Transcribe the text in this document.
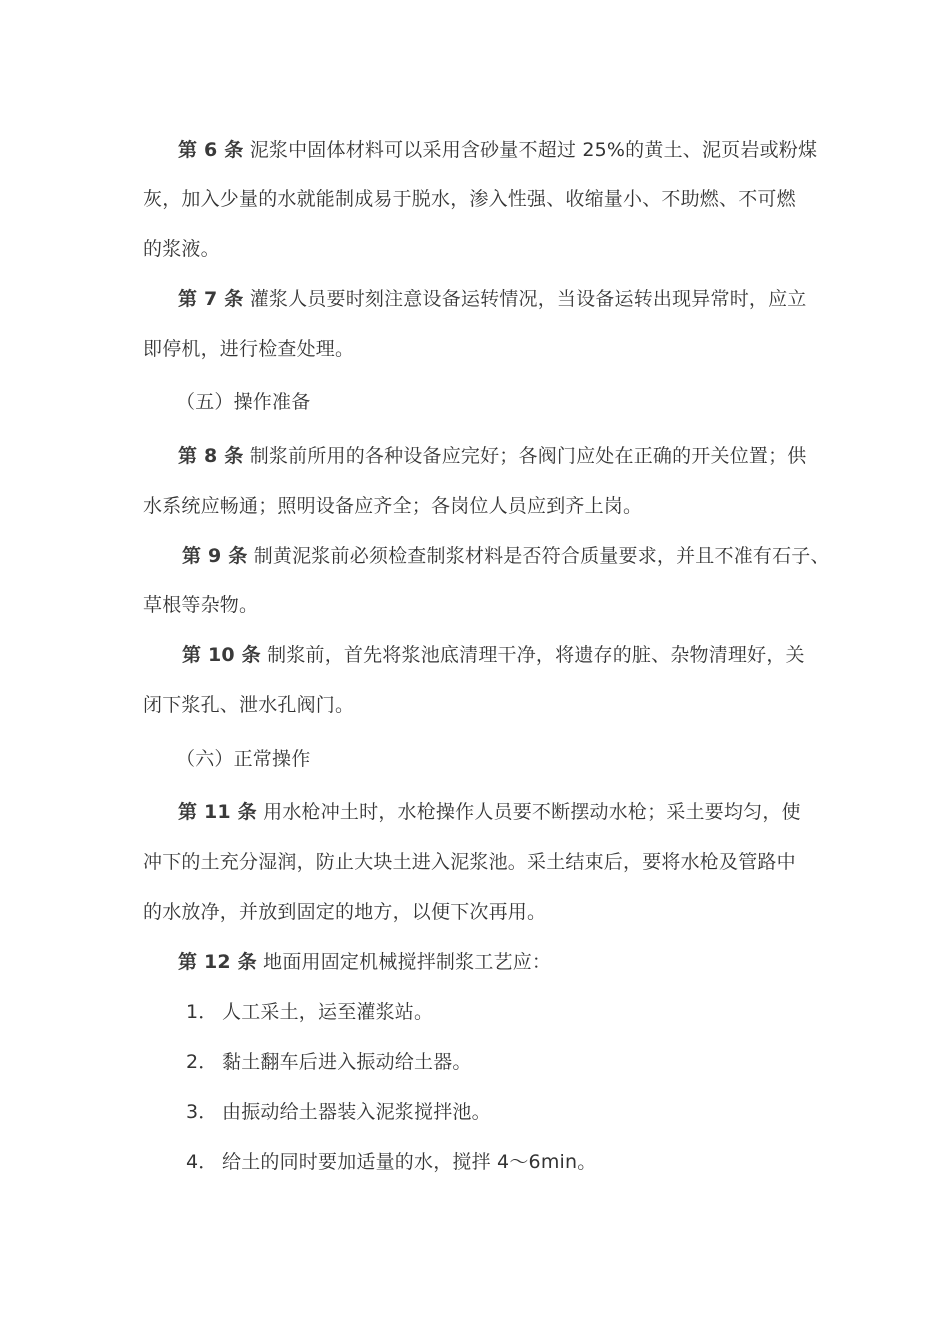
第 6 条 泥浆中固体材料可以采用含砂量不超过 25%的黄土、泥页岩或粉煤
灰，加入少量的水就能制成易于脱水，渗入性强、收缩量小、不助燃、不可燃
的浆液。
第 7 条 灌浆人员要时刻注意设备运转情况，当设备运转出现异常时，应立
即停机，进行检查处理。
（五）操作准备
第 8 条 制浆前所用的各种设备应完好；各阀门应处在正确的开关位置；供
水系统应畅通；照明设备应齐全；各岗位人员应到齐上岗。
第 9 条 制黄泥浆前必须检查制浆材料是否符合质量要求，并且不准有石子、
草根等杂物。
第 10 条 制浆前，首先将浆池底清理干净，将遗存的脏、杂物清理好，关
闭下浆孔、泄水孔阀门。
（六）正常操作
第 11 条 用水枪冲土时，水枪操作人员要不断摆动水枪；采土要均匀，使
冲下的土充分湿润，防止大块土进入泥浆池。采土结束后，要将水枪及管路中
的水放净，并放到固定的地方，以便下次再用。
第 12 条 地面用固定机械搅拌制浆工艺应：
1． 人工采土，运至灌浆站。
2． 黏土翻车后进入振动给土器。
3． 由振动给土器装入泥浆搅拌池。
4． 给土的同时要加适量的水，搅拌 4～6min。
